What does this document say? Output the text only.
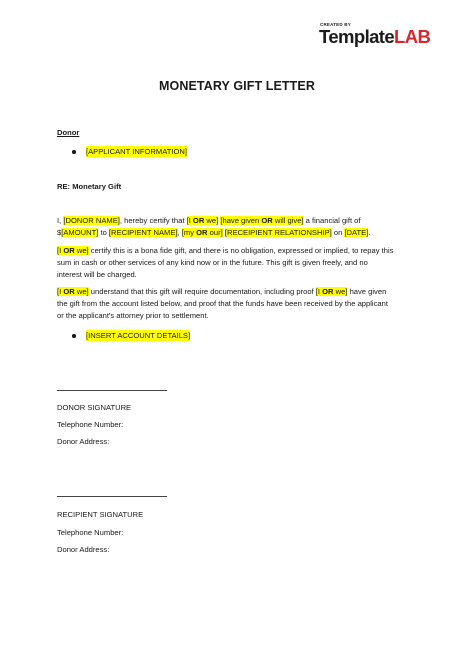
CREATED BY
TemplateLAB
MONETARY GIFT LETTER
Donor
[APPLICANT INFORMATION]
RE: Monetary Gift
I, [DONOR NAME], hereby certify that [I OR we] [have given OR will give] a financial gift of
$[AMOUNT] to [RECIPIENT NAME], [my OR our] [RECEIPIENT RELATIONSHIP] on [DATE].
[I OR we] certify this is a bona fide gift, and there is no obligation, expressed or implied, to repay this
sum in cash or other services of any kind now or in the future. This gift is given freely, and no
interest will be charged.
[I OR we] understand that this gift will require documentation, including proof [I OR we] have given
the gift from the account listed below, and proof that the funds have been received by the applicant
or the applicant's attorney prior to settlement.
[INSERT ACCOUNT DETAILS]
DONOR SIGNATURE
Telephone Number:
Donor Address:
RECIPIENT SIGNATURE
Telephone Number:
Donor Address:
